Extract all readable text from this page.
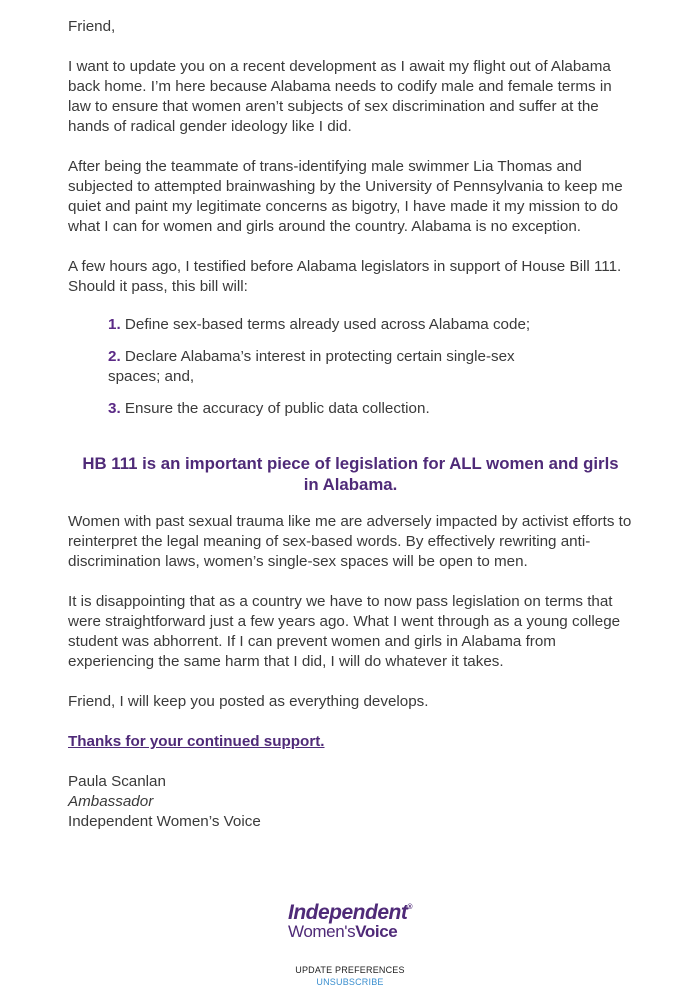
Friend,

I want to update you on a recent development as I await my flight out of Alabama back home. I’m here because Alabama needs to codify male and female terms in law to ensure that women aren’t subjects of sex discrimination and suffer at the hands of radical gender ideology like I did.

After being the teammate of trans-identifying male swimmer Lia Thomas and subjected to attempted brainwashing by the University of Pennsylvania to keep me quiet and paint my legitimate concerns as bigotry, I have made it my mission to do what I can for women and girls around the country. Alabama is no exception.

A few hours ago, I testified before Alabama legislators in support of House Bill 111. Should it pass, this bill will:

1. Define sex-based terms already used across Alabama code;
2. Declare Alabama’s interest in protecting certain single-sex spaces; and,
3. Ensure the accuracy of public data collection.

HB 111 is an important piece of legislation for ALL women and girls in Alabama.

Women with past sexual trauma like me are adversely impacted by activist efforts to reinterpret the legal meaning of sex-based words. By effectively rewriting anti-discrimination laws, women’s single-sex spaces will be open to men.

It is disappointing that as a country we have to now pass legislation on terms that were straightforward just a few years ago. What I went through as a young college student was abhorrent. If I can prevent women and girls in Alabama from experiencing the same harm that I did, I will do whatever it takes.

Friend, I will keep you posted as everything develops.

Thanks for your continued support.

Paula Scanlan

Ambassador

Independent Women’s Voice

Independent®
Women'sVoice
UPDATE PREFERENCES
UNSUBSCRIBE
